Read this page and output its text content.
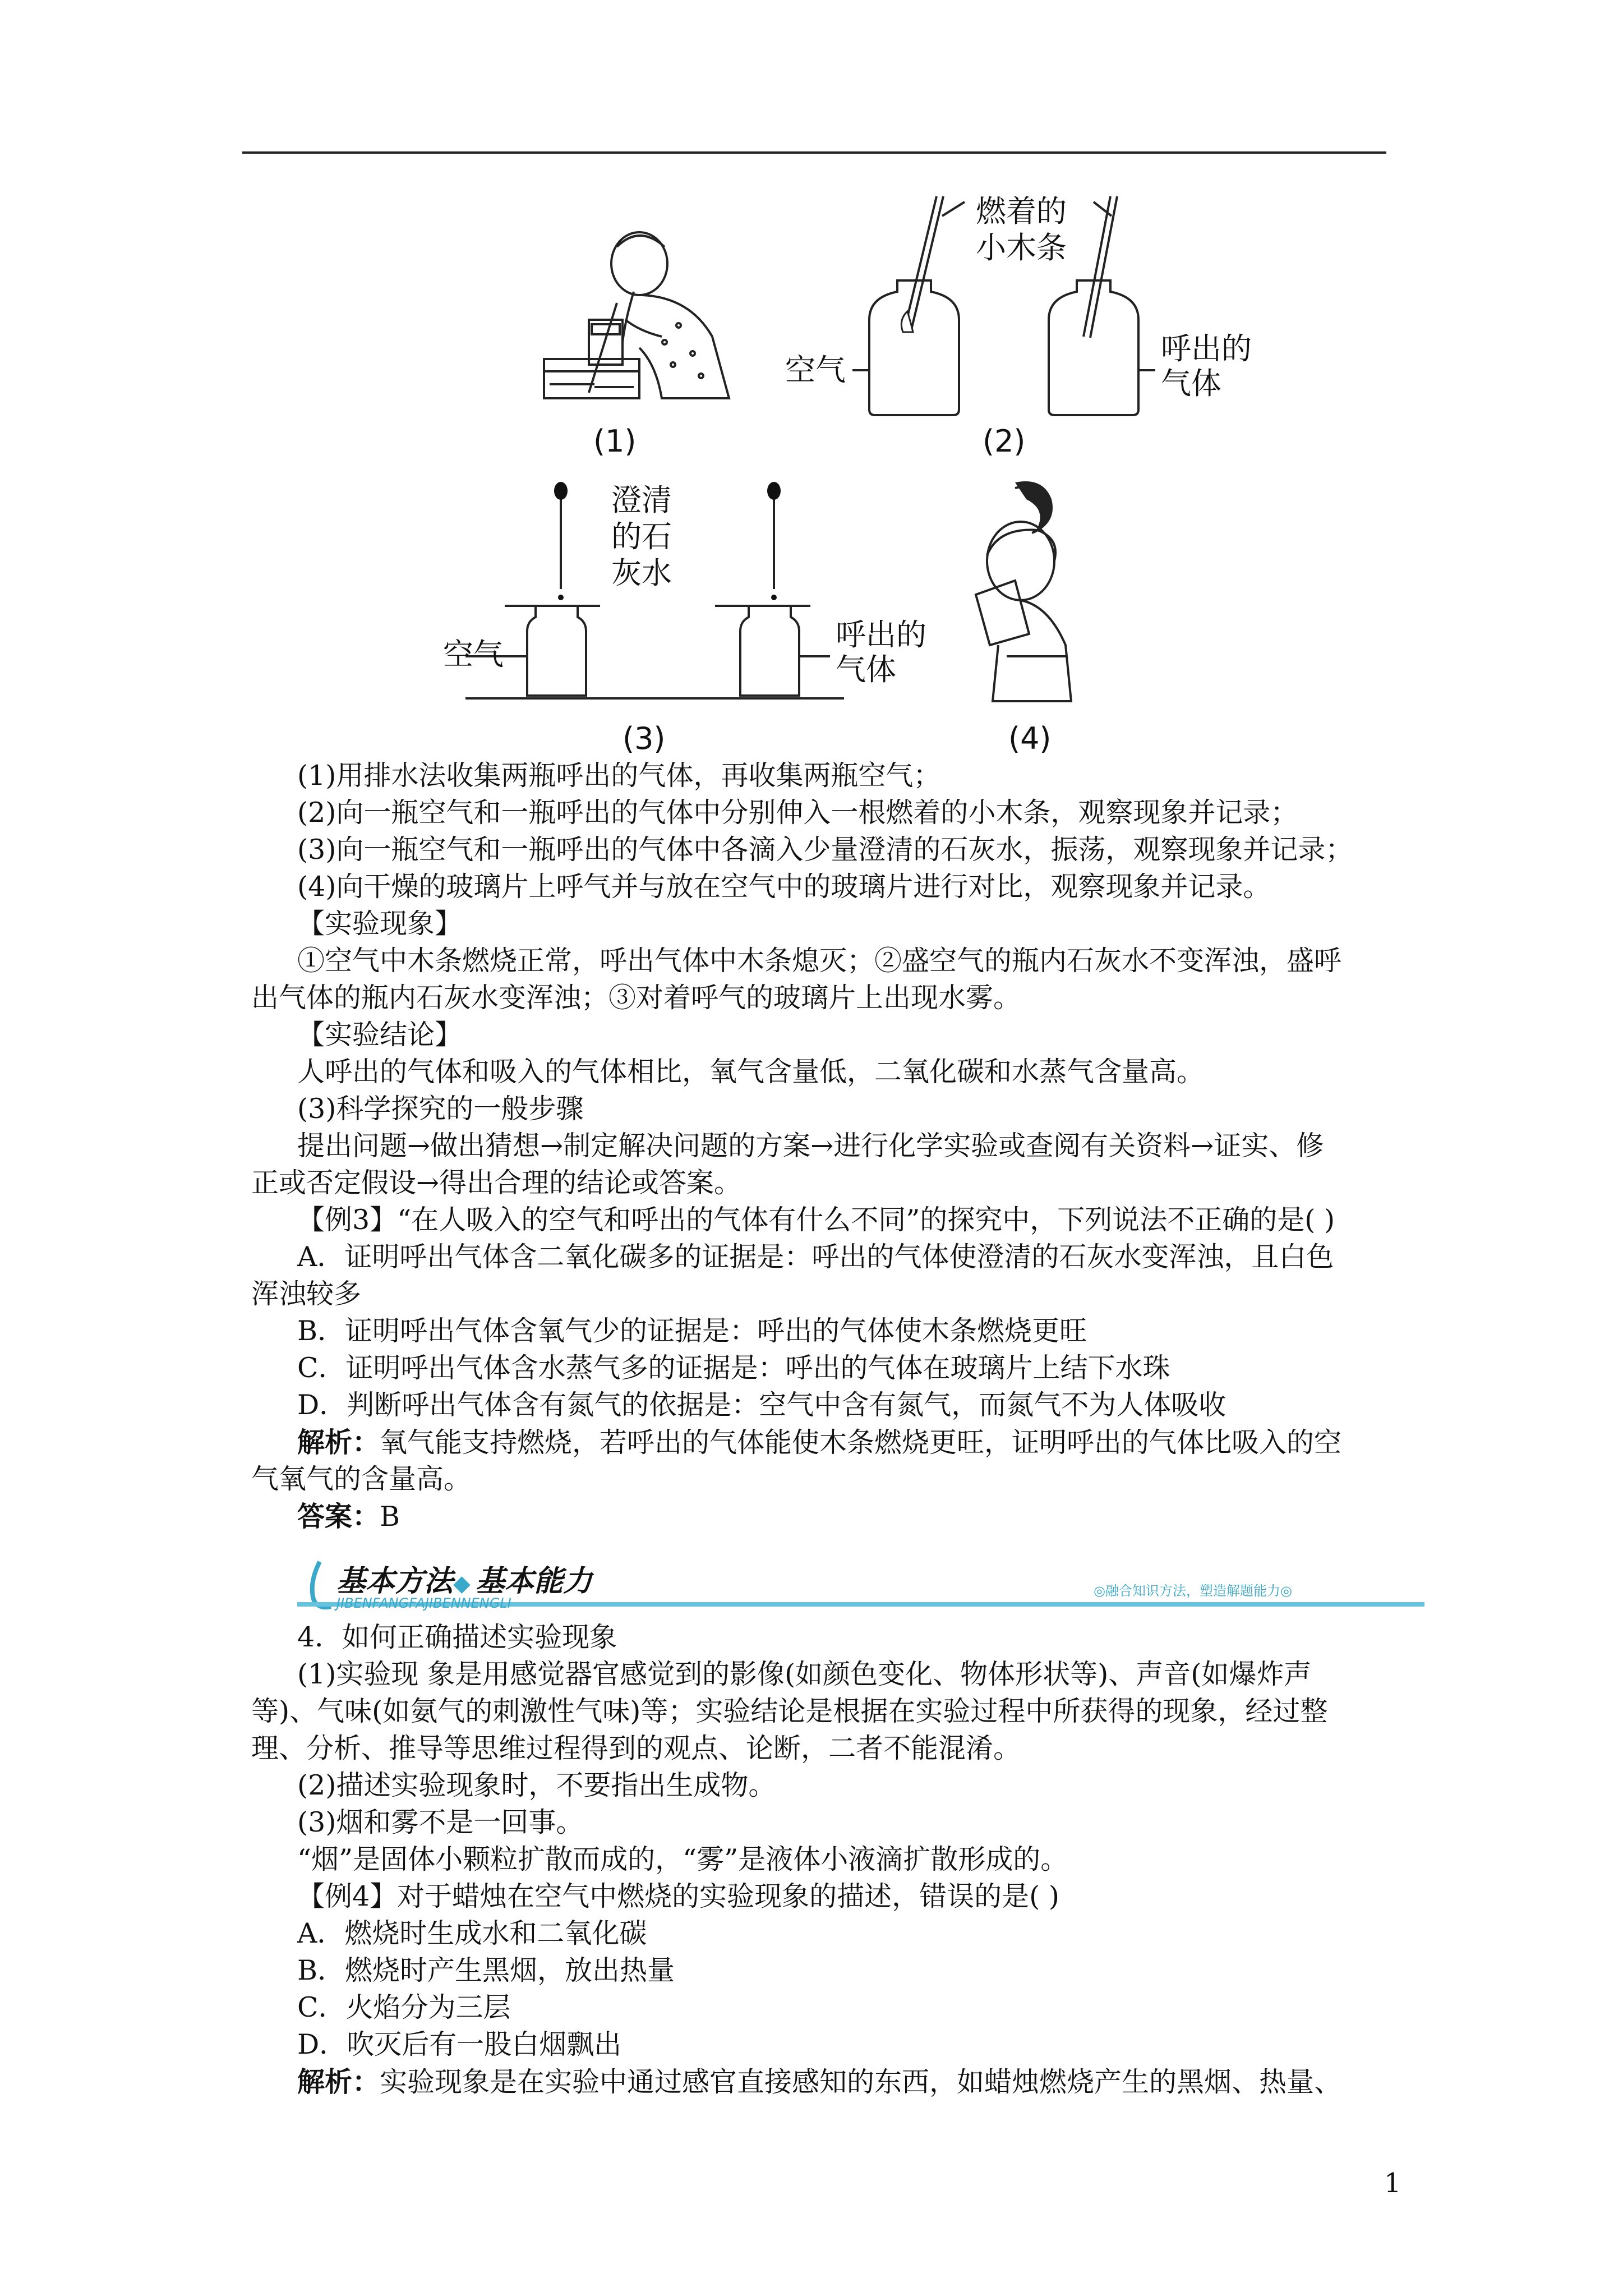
(1)
燃着的
小木条
空气
呼出的
气体
(2)
澄清
的石
灰水
空气
呼出的
气体
(3)	(4)
(1)用排水法收集两瓶呼出的气体，再收集两瓶空气；
(2)向一瓶空气和一瓶呼出的气体中分别伸入一根燃着的小木条，观察现象并记录；
(3)向一瓶空气和一瓶呼出的气体中各滴入少量澄清的石灰水，振荡，观察现象并记录；
(4)向干燥的玻璃片上呼气并与放在空气中的玻璃片进行对比，观察现象并记录。
【实验现象】
①空气中木条燃烧正常，呼出气体中木条熄灭；②盛空气的瓶内石灰水不变浑浊，盛呼
出气体的瓶内石灰水变浑浊；③对着呼气的玻璃片上出现水雾。
【实验结论】
人呼出的气体和吸入的气体相比，氧气含量低，二氧化碳和水蒸气含量高。
(3)科学探究的一般步骤
提出问题→做出猜想→制定解决问题的方案→进行化学实验或查阅有关资料→证实、修
正或否定假设→得出合理的结论或答案。
【例3】“在人吸入的空气和呼出的气体有什么不同”的探究中，下列说法不正确的是( )
A．证明呼出气体含二氧化碳多的证据是：呼出的气体使澄清的石灰水变浑浊，且白色
浑浊较多
B．证明呼出气体含氧气少的证据是：呼出的气体使木条燃烧更旺
C．证明呼出气体含水蒸气多的证据是：呼出的气体在玻璃片上结下水珠
D．判断呼出气体含有氮气的依据是：空气中含有氮气，而氮气不为人体吸收
解析：氧气能支持燃烧，若呼出的气体能使木条燃烧更旺，证明呼出的气体比吸入的空
气氧气的含量高。
答案：B
基本方法 ◆ 基本能力
JIBENFANGFAJIBENNENGLI
◎融合知识方法，塑造解题能力◎
4．如何正确描述实验现象
(1)实验现 象是用感觉器官感觉到的影像(如颜色变化、物体形状等)、声音(如爆炸声
等)、气味(如氨气的刺激性气味)等；实验结论是根据在实验过程中所获得的现象，经过整
理、分析、推导等思维过程得到的观点、论断，二者不能混淆。
(2)描述实验现象时，不要指出生成物。
(3)烟和雾不是一回事。
“烟”是固体小颗粒扩散而成的，“雾”是液体小液滴扩散形成的。
【例4】对于蜡烛在空气中燃烧的实验现象的描述，错误的是( )
A．燃烧时生成水和二氧化碳
B．燃烧时产生黑烟，放出热量
C．火焰分为三层
D．吹灭后有一股白烟飘出
解析：实验现象是在实验中通过感官直接感知的东西，如蜡烛燃烧产生的黑烟、热量、
1
